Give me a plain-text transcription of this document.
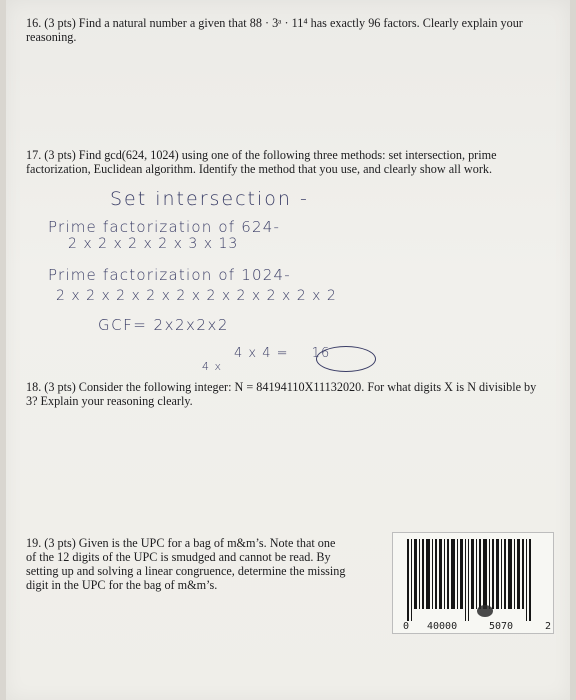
16. (3 pts) Find a natural number a given that 88 · 3ᵃ · 11⁴ has exactly 96 factors. Clearly explain your reasoning.
17. (3 pts) Find gcd(624, 1024) using one of the following three methods: set intersection, prime factorization, Euclidean algorithm. Identify the method that you use, and clearly show all work.
Set intersection -
Prime factorization of 624-
2 x 2 x 2 x 2 x 3 x 13
Prime factorization of 1024-
2 x 2 x 2 x 2 x 2 x 2 x 2 x 2 x 2 x 2
GCF= 2x2x2x2
4 x 4 = 16
4 x
18. (3 pts) Consider the following integer: N = 84194110X11132020. For what digits X is N divisible by 3? Explain your reasoning clearly.
19. (3 pts) Given is the UPC for a bag of m&m’s. Note that one of the 12 digits of the UPC is smudged and cannot be read. By setting up and solving a linear congruence, determine the missing digit in the UPC for the bag of m&m’s.
0 40000	5070	2
